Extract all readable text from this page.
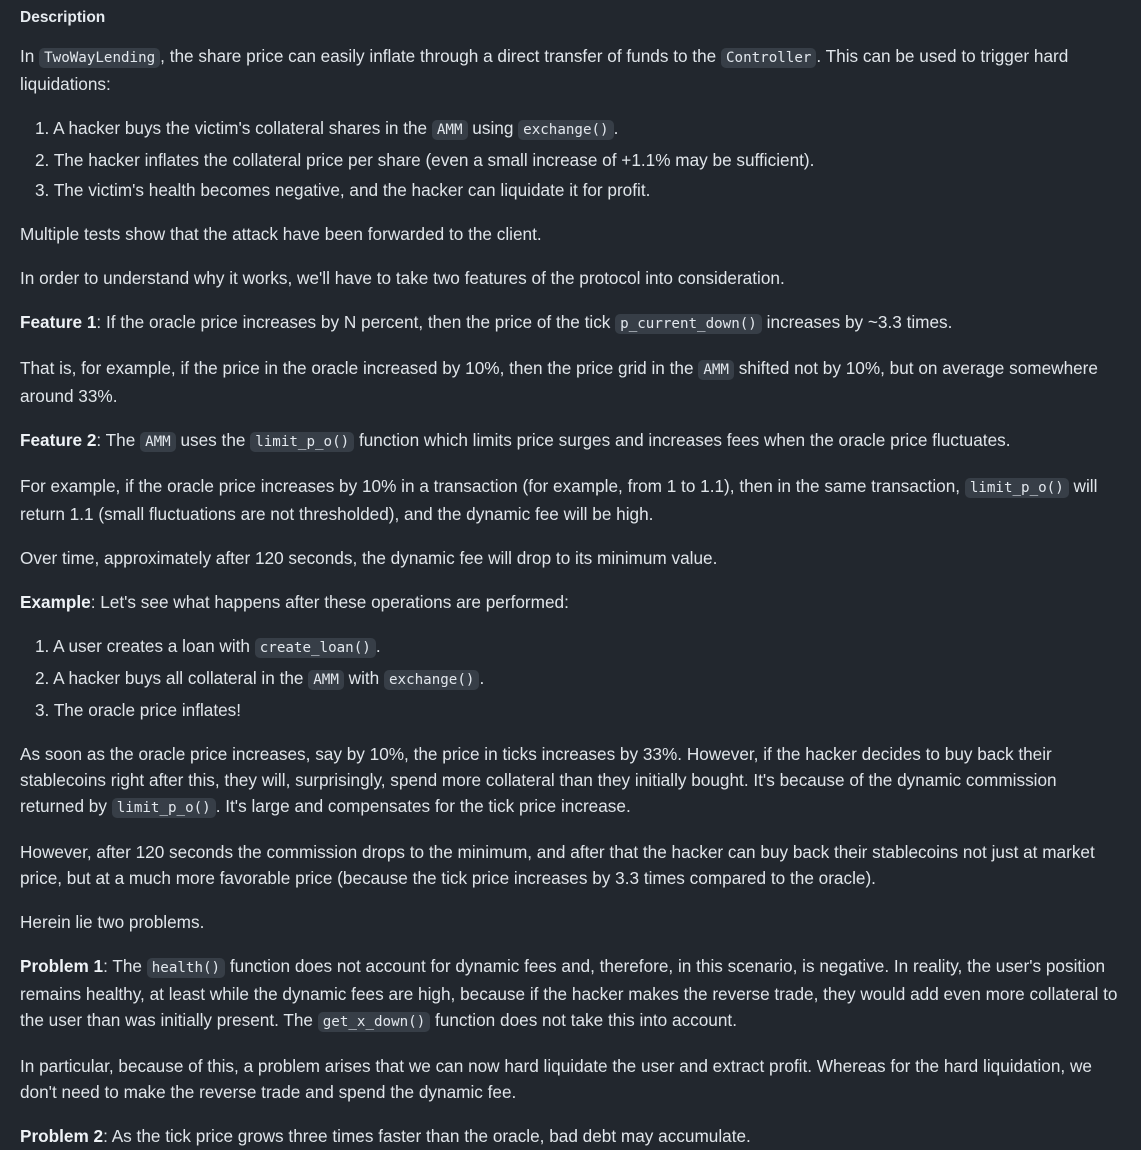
Description

In TwoWayLending , the share price can easily inflate through a direct transfer of funds to the Controller . This can be used to trigger hard liquidations:

1. A hacker buys the victim's collateral shares in the AMM using exchange() .
2. The hacker inflates the collateral price per share (even a small increase of +1.1% may be sufficient).
3. The victim's health becomes negative, and the hacker can liquidate it for profit.

Multiple tests show that the attack have been forwarded to the client.

In order to understand why it works, we'll have to take two features of the protocol into consideration.

Feature 1: If the oracle price increases by N percent, then the price of the tick p_current_down() increases by ~3.3 times.

That is, for example, if the price in the oracle increased by 10%, then the price grid in the AMM shifted not by 10%, but on average somewhere around 33%.

Feature 2: The AMM uses the limit_p_o() function which limits price surges and increases fees when the oracle price fluctuates.

For example, if the oracle price increases by 10% in a transaction (for example, from 1 to 1.1), then in the same transaction, limit_p_o() will return 1.1 (small fluctuations are not thresholded), and the dynamic fee will be high.

Over time, approximately after 120 seconds, the dynamic fee will drop to its minimum value.

Example: Let's see what happens after these operations are performed:

1. A user creates a loan with create_loan() .
2. A hacker buys all collateral in the AMM with exchange() .
3. The oracle price inflates!

As soon as the oracle price increases, say by 10%, the price in ticks increases by 33%. However, if the hacker decides to buy back their stablecoins right after this, they will, surprisingly, spend more collateral than they initially bought. It's because of the dynamic commission returned by limit_p_o() . It's large and compensates for the tick price increase.

However, after 120 seconds the commission drops to the minimum, and after that the hacker can buy back their stablecoins not just at market price, but at a much more favorable price (because the tick price increases by 3.3 times compared to the oracle).

Herein lie two problems.

Problem 1: The health() function does not account for dynamic fees and, therefore, in this scenario, is negative. In reality, the user's position remains healthy, at least while the dynamic fees are high, because if the hacker makes the reverse trade, they would add even more collateral to the user than was initially present. The get_x_down() function does not take this into account.

In particular, because of this, a problem arises that we can now hard liquidate the user and extract profit. Whereas for the hard liquidation, we don't need to make the reverse trade and spend the dynamic fee.

Problem 2: As the tick price grows three times faster than the oracle, bad debt may accumulate.
